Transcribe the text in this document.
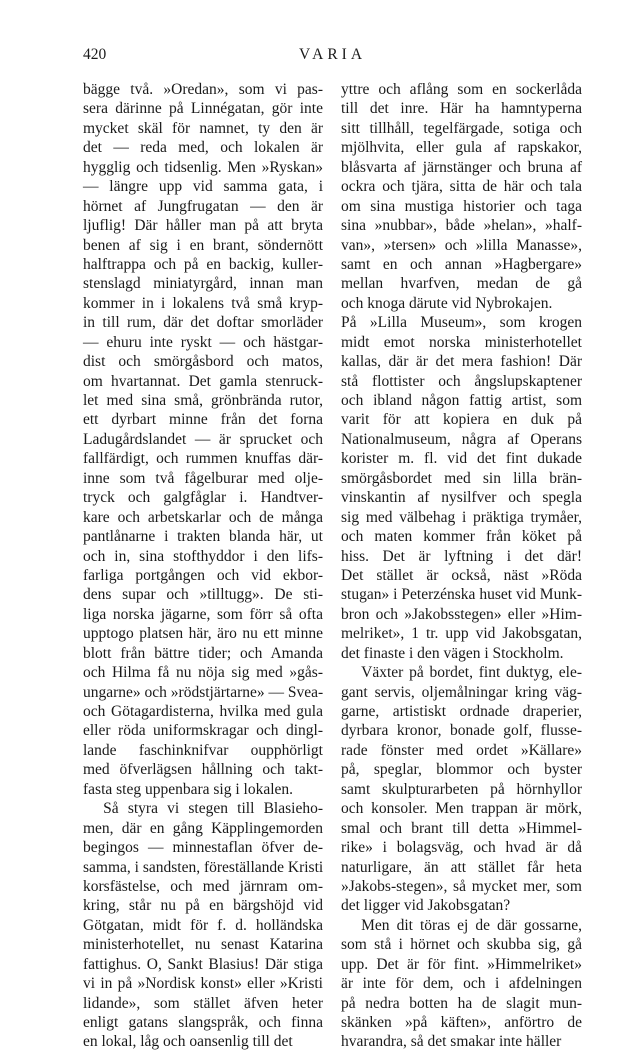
420	VARIA
bägge två. »Oredan», som vi pas-
sera därinne på Linnégatan, gör inte
mycket skäl för namnet, ty den är
det — reda med, och lokalen är
hygglig och tidsenlig. Men »Ryskan»
— längre upp vid samma gata, i
hörnet af Jungfrugatan — den är
ljuflig! Där håller man på att bryta
benen af sig i en brant, söndernött
halftrappa och på en backig, kuller-
stenslagd miniatyrgård, innan man
kommer in i lokalens två små kryp-
in till rum, där det doftar smorläder
— ehuru inte ryskt — och hästgar-
dist och smörgåsbord och matos,
om hvartannat. Det gamla stenruck-
let med sina små, grönbrända rutor,
ett dyrbart minne från det forna
Ladugårdslandet — är sprucket och
fallfärdigt, och rummen knuffas där-
inne som två fågelburar med olje-
tryck och galgfåglar i. Handtver-
kare och arbetskarlar och de många
pantlånarne i trakten blanda här, ut
och in, sina stofthyddor i den lifs-
farliga portgången och vid ekbor-
dens supar och »tilltugg». De sti-
liga norska jägarne, som förr så ofta
upptogo platsen här, äro nu ett minne
blott från bättre tider; och Amanda
och Hilma få nu nöja sig med »gås-
ungarne» och »rödstjärtarne» — Svea-
och Götagardisterna, hvilka med gula
eller röda uniformskragar och dingl-
lande faschinknifvar oupphörligt
med öfverlägsen hållning och takt-
fasta steg uppenbara sig i lokalen.
Så styra vi stegen till Blasieho-
men, där en gång Käpplingemorden
begingos — minnestaflan öfver de-
samma, i sandsten, föreställande Kristi
korsfästelse, och med järnram om-
kring, står nu på en bärgshöjd vid
Götgatan, midt för f. d. holländska
ministerhotellet, nu senast Katarina
fattighus. O, Sankt Blasius! Där stiga
vi in på »Nordisk konst» eller »Kristi
lidande», som stället äfven heter
enligt gatans slangspråk, och finna
en lokal, låg och oansenlig till det
yttre och aflång som en sockerlåda
till det inre. Här ha hamntyperna
sitt tillhåll, tegelfärgade, sotiga och
mjölhvita, eller gula af rapskakor,
blåsvarta af järnstänger och bruna af
ockra och tjära, sitta de här och tala
om sina mustiga historier och taga
sina »nubbar», både »helan», »half-
van», »tersen» och »lilla Manasse»,
samt en och annan »Hagbergare»
mellan hvarfven, medan de gå
och knoga därute vid Nybrokajen.
På »Lilla Museum», som krogen
midt emot norska ministerhotellet
kallas, där är det mera fashion! Där
stå flottister och ångslupskaptener
och ibland någon fattig artist, som
varit för att kopiera en duk på
Nationalmuseum, några af Operans
korister m. fl. vid det fint dukade
smörgåsbordet med sin lilla brän-
vinskantin af nysilfver och spegla
sig med välbehag i präktiga trymåer,
och maten kommer från köket på
hiss. Det är lyftning i det där!
Det stället är också, näst »Röda
stugan» i Peterzénska huset vid Munk-
bron och »Jakobsstegen» eller »Him-
melriket», 1 tr. upp vid Jakobsgatan,
det finaste i den vägen i Stockholm.
Växter på bordet, fint duktyg, ele-
gant servis, oljemålningar kring väg-
garne, artistiskt ordnade draperier,
dyrbara kronor, bonade golf, flusse-
rade fönster med ordet »Källare»
på, speglar, blommor och byster
samt skulpturarbeten på hörnhyllor
och konsoler. Men trappan är mörk,
smal och brant till detta »Himmel-
rike» i bolagsväg, och hvad är då
naturligare, än att stället får heta
»Jakobs-stegen», så mycket mer, som
det ligger vid Jakobsgatan?
Men dit töras ej de där gossarne,
som stå i hörnet och skubba sig, gå
upp. Det är för fint. »Himmelriket»
är inte för dem, och i afdelningen
på nedra botten ha de slagit mun-
skänken »på käften», anförtro de
hvarandra, så det smakar inte häller
